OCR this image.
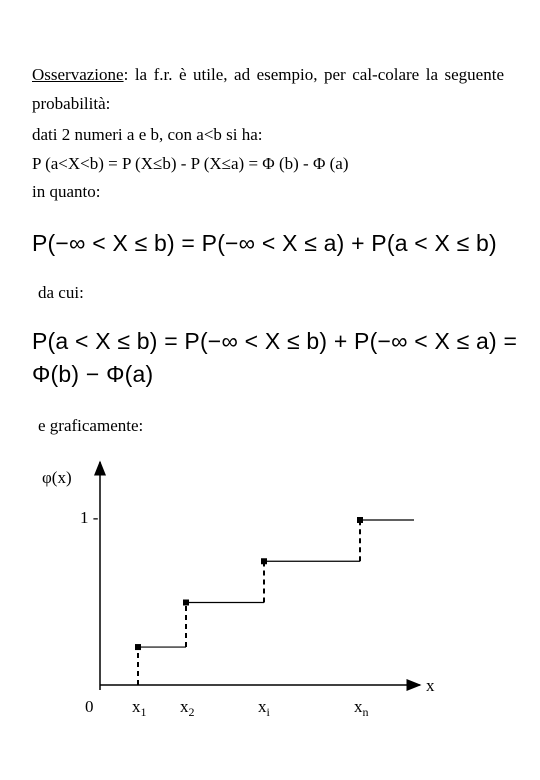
Osservazione: la f.r. è utile, ad esempio, per cal-colare la seguente probabilità:
dati 2 numeri a e b, con a<b si ha:
P (a<X<b) = P (X≤b) - P (X≤a) = Φ (b) - Φ (a)
in quanto:
P(−∞ < X ≤ b) = P(−∞ < X ≤ a) + P(a < X ≤ b)
da cui:
P(a < X ≤ b) = P(−∞ < X ≤ b) + P(−∞ < X ≤ a) =
Φ(b) − Φ(a)
e graficamente:
φ(x)
1 -
x
0 $x_1$ $x_2$	$x_i$	$x_n$
